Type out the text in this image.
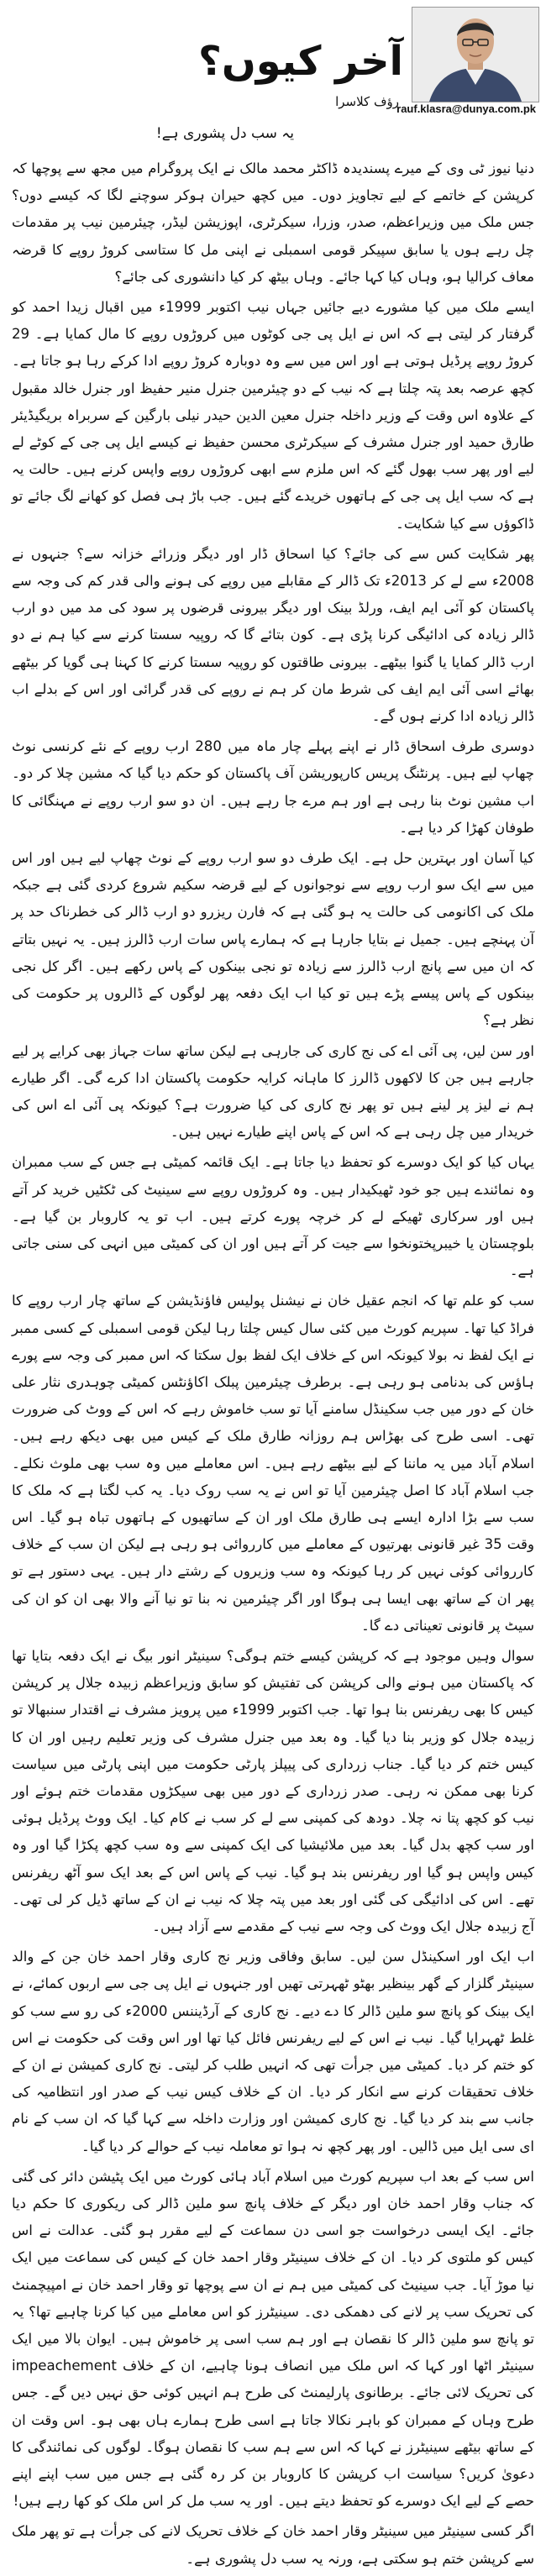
آخر کیوں؟
رؤف کلاسرا
rauf.klasra@dunya.com.pk
یہ سب دل پشوری ہے!

دنیا نیوز ٹی وی کے میرے پسندیدہ ڈاکٹر محمد مالک نے ایک پروگرام میں مجھ سے پوچھا کہ کرپشن کے خاتمے کے لیے تجاویز دوں۔ میں کچھ حیران ہوکر سوچنے لگا کہ کیسے دوں؟ جس ملک میں وزیراعظم، صدر، وزرا، سیکرٹری، اپوزیشن لیڈر، چیئرمین نیب پر مقدمات چل رہے ہوں یا سابق سپیکر قومی اسمبلی نے اپنی مل کا ستاسی کروڑ روپے کا قرضہ معاف کرالیا ہو، وہاں کیا کہا جائے۔ وہاں بیٹھ کر کیا دانشوری کی جائے؟

ایسے ملک میں کیا مشورے دیے جائیں جہاں نیب اکتوبر 1999ء میں اقبال زیدا احمد کو گرفتار کر لیتی ہے کہ اس نے ایل پی جی کوٹوں میں کروڑوں روپے کا مال کمایا ہے۔ 29 کروڑ روپے پرڈیل ہوتی ہے اور اس میں سے وہ دوبارہ کروڑ روپے ادا کرکے رہا ہو جاتا ہے۔ کچھ عرصہ بعد پتہ چلتا ہے کہ نیب کے دو چیئرمین جنرل منیر حفیظ اور جنرل خالد مقبول کے علاوہ اس وقت کے وزیر داخلہ جنرل معین الدین حیدر نیلی بارگین کے سربراہ بریگیڈیئر طارق حمید اور جنرل مشرف کے سیکرٹری محسن حفیظ نے کیسے ایل پی جی کے کوٹے لے لیے اور پھر سب بھول گئے کہ اس ملزم سے ابھی کروڑوں روپے واپس کرنے ہیں۔ حالت یہ ہے کہ سب ایل پی جی کے ہاتھوں خریدے گئے ہیں۔ جب باڑ ہی فصل کو کھانے لگ جائے تو ڈاکوؤں سے کیا شکایت۔

پھر شکایت کس سے کی جائے؟ کیا اسحاق ڈار اور دیگر وزرائے خزانہ سے؟ جنہوں نے 2008ء سے لے کر 2013ء تک ڈالر کے مقابلے میں روپے کی ہونے والی قدر کم کی وجہ سے پاکستان کو آئی ایم ایف، ورلڈ بینک اور دیگر بیرونی قرضوں پر سود کی مد میں دو ارب ڈالر زیادہ کی ادائیگی کرنا پڑی ہے۔ کون بتائے گا کہ روپیہ سستا کرنے سے کیا ہم نے دو ارب ڈالر کمایا یا گنوا بیٹھے۔ بیرونی طاقتوں کو روپیہ سستا کرنے کا کہنا ہی گویا کر بیٹھے بھائے اسی آئی ایم ایف کی شرط مان کر ہم نے روپے کی قدر گرائی اور اس کے بدلے اب ڈالر زیادہ ادا کرنے ہوں گے۔

دوسری طرف اسحاق ڈار نے اپنے پہلے چار ماہ میں 280 ارب روپے کے نئے کرنسی نوٹ چھاپ لیے ہیں۔ پرنٹنگ پریس کارپوریشن آف پاکستان کو حکم دیا گیا کہ مشین چلا کر دو۔ اب مشین نوٹ بنا رہی ہے اور ہم مرے جا رہے ہیں۔ ان دو سو ارب روپے نے مہنگائی کا طوفان کھڑا کر دیا ہے۔

کیا آسان اور بہترین حل ہے۔ ایک طرف دو سو ارب روپے کے نوٹ چھاپ لیے ہیں اور اس میں سے ایک سو ارب روپے سے نوجوانوں کے لیے قرضہ سکیم شروع کردی گئی ہے جبکہ ملک کی اکانومی کی حالت یہ ہو گئی ہے کہ فارن ریزرو دو ارب ڈالر کی خطرناک حد پر آن پہنچے ہیں۔ جمیل نے بتایا جارہا ہے کہ ہمارے پاس سات ارب ڈالرز ہیں۔ یہ نہیں بتاتے کہ ان میں سے پانچ ارب ڈالرز سے زیادہ تو نجی بینکوں کے پاس رکھے ہیں۔ اگر کل نجی بینکوں کے پاس پیسے پڑے ہیں تو کیا اب ایک دفعہ پھر لوگوں کے ڈالروں پر حکومت کی نظر ہے؟

اور سن لیں، پی آئی اے کی نج کاری کی جارہی ہے لیکن ساتھ سات جہاز بھی کرایے پر لیے جارہے ہیں جن کا لاکھوں ڈالرز کا ماہانہ کرایہ حکومت پاکستان ادا کرے گی۔ اگر طیارے ہم نے لیز پر لینے ہیں تو پھر نج کاری کی کیا ضرورت ہے؟ کیونکہ پی آئی اے اس کی خریدار میں چل رہی ہے کہ اس کے پاس اپنے طیارے نہیں ہیں۔

یہاں کیا کو ایک دوسرے کو تحفظ دیا جاتا ہے۔ ایک قائمہ کمیٹی ہے جس کے سب ممبران وہ نمائندے ہیں جو خود ٹھیکیدار ہیں۔ وہ کروڑوں روپے سے سینیٹ کی ٹکٹیں خرید کر آتے ہیں اور سرکاری ٹھیکے لے کر خرچہ پورے کرتے ہیں۔ اب تو یہ کاروبار بن گیا ہے۔ بلوچستان یا خیبرپختونخوا سے جیت کر آتے ہیں اور ان کی کمیٹی میں انہی کی سنی جاتی ہے۔

سب کو علم تھا کہ انجم عقیل خان نے نیشنل پولیس فاؤنڈیشن کے ساتھ چار ارب روپے کا فراڈ کیا تھا۔ سپریم کورٹ میں کئی سال کیس چلتا رہا لیکن قومی اسمبلی کے کسی ممبر نے ایک لفظ نہ بولا کیونکہ اس کے خلاف ایک لفظ بول سکتا کہ اس ممبر کی وجہ سے پورے ہاؤس کی بدنامی ہو رہی ہے۔ برطرف چیئرمین پبلک اکاؤنٹس کمیٹی چوہدری نثار علی خان کے دور میں جب سکینڈل سامنے آیا تو سب خاموش رہے کہ اس کے ووٹ کی ضرورت تھی۔ اسی طرح کی بھڑاس ہم روزانہ طارق ملک کے کیس میں بھی دیکھ رہے ہیں۔ اسلام آباد میں یہ ماننا کے لیے بیٹھے رہے ہیں۔ اس معاملے میں وہ سب بھی ملوث نکلے۔ جب اسلام آباد کا اصل چیئرمین آیا تو اس نے یہ سب روک دیا۔ یہ کب لگتا ہے کہ ملک کا سب سے بڑا ادارہ ایسے ہی طارق ملک اور ان کے ساتھیوں کے ہاتھوں تباہ ہو گیا۔ اس وقت 35 غیر قانونی بھرتیوں کے معاملے میں کارروائی ہو رہی ہے لیکن ان سب کے خلاف کارروائی کوئی نہیں کر رہا کیونکہ وہ سب وزیروں کے رشتے دار ہیں۔ یہی دستور ہے تو پھر ان کے ساتھ بھی ایسا ہی ہوگا اور اگر چیئرمین نہ بنا تو نیا آنے والا بھی ان کو ان کی سیٹ پر قانونی تعیناتی دے گا۔

سوال وہیں موجود ہے کہ کرپشن کیسے ختم ہوگی؟ سینیٹر انور بیگ نے ایک دفعہ بتایا تھا کہ پاکستان میں ہونے والی کرپشن کی تفتیش کو سابق وزیراعظم زبیدہ جلال پر کرپشن کیس کا بھی ریفرنس بنا ہوا تھا۔ جب اکتوبر 1999ء میں پرویز مشرف نے اقتدار سنبھالا تو زبیدہ جلال کو وزیر بنا دیا گیا۔ وہ بعد میں جنرل مشرف کی وزیر تعلیم رہیں اور ان کا کیس ختم کر دیا گیا۔ جناب زرداری کی پیپلز پارٹی حکومت میں اپنی پارٹی میں سیاست کرنا بھی ممکن نہ رہی۔ صدر زرداری کے دور میں بھی سیکڑوں مقدمات ختم ہوئے اور نیب کو کچھ پتا نہ چلا۔ دودھ کی کمپنی سے لے کر سب نے کام کیا۔ ایک ووٹ پرڈیل ہوئی اور سب کچھ بدل گیا۔ بعد میں ملائیشیا کی ایک کمپنی سے وہ سب کچھ پکڑا گیا اور وہ کیس واپس ہو گیا اور ریفرنس بند ہو گیا۔ نیب کے پاس اس کے بعد ایک سو آٹھ ریفرنس تھے۔ اس کی ادائیگی کی گئی اور بعد میں پتہ چلا کہ نیب نے ان کے ساتھ ڈیل کر لی تھی۔ آج زبیدہ جلال ایک ووٹ کی وجہ سے نیب کے مقدمے سے آزاد ہیں۔

اب ایک اور اسکینڈل سن لیں۔ سابق وفاقی وزیر نج کاری وقار احمد خان جن کے والد سینیٹر گلزار کے گھر بینظیر بھٹو ٹھہرتی تھیں اور جنہوں نے ایل پی جی سے اربوں کمائے، نے ایک بینک کو پانچ سو ملین ڈالر کا دے دیے۔ نج کاری کے آرڈیننس 2000ء کی رو سے سب کو غلط ٹھہرایا گیا۔ نیب نے اس کے لیے ریفرنس فائل کیا تھا اور اس وقت کی حکومت نے اس کو ختم کر دیا۔ کمیٹی میں جرأت تھی کہ انہیں طلب کر لیتی۔ نج کاری کمیشن نے ان کے خلاف تحقیقات کرنے سے انکار کر دیا۔ ان کے خلاف کیس نیب کے صدر اور انتظامیہ کی جانب سے بند کر دیا گیا۔ نج کاری کمیشن اور وزارت داخلہ سے کہا گیا کہ ان سب کے نام ای سی ایل میں ڈالیں۔ اور پھر کچھ نہ ہوا تو معاملہ نیب کے حوالے کر دیا گیا۔

اس سب کے بعد اب سپریم کورٹ میں اسلام آباد ہائی کورٹ میں ایک پٹیشن دائر کی گئی کہ جناب وقار احمد خان اور دیگر کے خلاف پانچ سو ملین ڈالر کی ریکوری کا حکم دیا جائے۔ ایک ایسی درخواست جو اسی دن سماعت کے لیے مقرر ہو گئی۔ عدالت نے اس کیس کو ملتوی کر دیا۔ ان کے خلاف سینیٹر وقار احمد خان کے کیس کی سماعت میں ایک نیا موڑ آیا۔ جب سینیٹ کی کمیٹی میں ہم نے ان سے پوچھا تو وقار احمد خان نے امپیچمنٹ کی تحریک سب پر لانے کی دھمکی دی۔ سینیٹرز کو اس معاملے میں کیا کرنا چاہیے تھا؟ یہ تو پانچ سو ملین ڈالر کا نقصان ہے اور ہم سب اسی پر خاموش ہیں۔ ایوان بالا میں ایک سینیٹر اٹھا اور کہا کہ اس ملک میں انصاف ہونا چاہیے، ان کے خلاف impeachement کی تحریک لائی جائے۔ برطانوی پارلیمنٹ کی طرح ہم انہیں کوئی حق نہیں دیں گے۔ جس طرح وہاں کے ممبران کو باہر نکالا جاتا ہے اسی طرح ہمارے ہاں بھی ہو۔ اس وقت ان کے ساتھ بیٹھے سینیٹرز نے کہا کہ اس سے ہم سب کا نقصان ہوگا۔ لوگوں کی نمائندگی کا دعویٰ کریں؟ سیاست اب کرپشن کا کاروبار بن کر رہ گئی ہے جس میں سب اپنے اپنے حصے کے لیے ایک دوسرے کو تحفظ دیتے ہیں۔ اور یہ سب مل کر اس ملک کو کھا رہے ہیں!

اگر کسی سینیٹر میں سینیٹر وقار احمد خان کے خلاف تحریک لانے کی جرأت ہے تو پھر ملک سے کرپشن ختم ہو سکتی ہے، ورنہ یہ سب دل پشوری ہے۔
